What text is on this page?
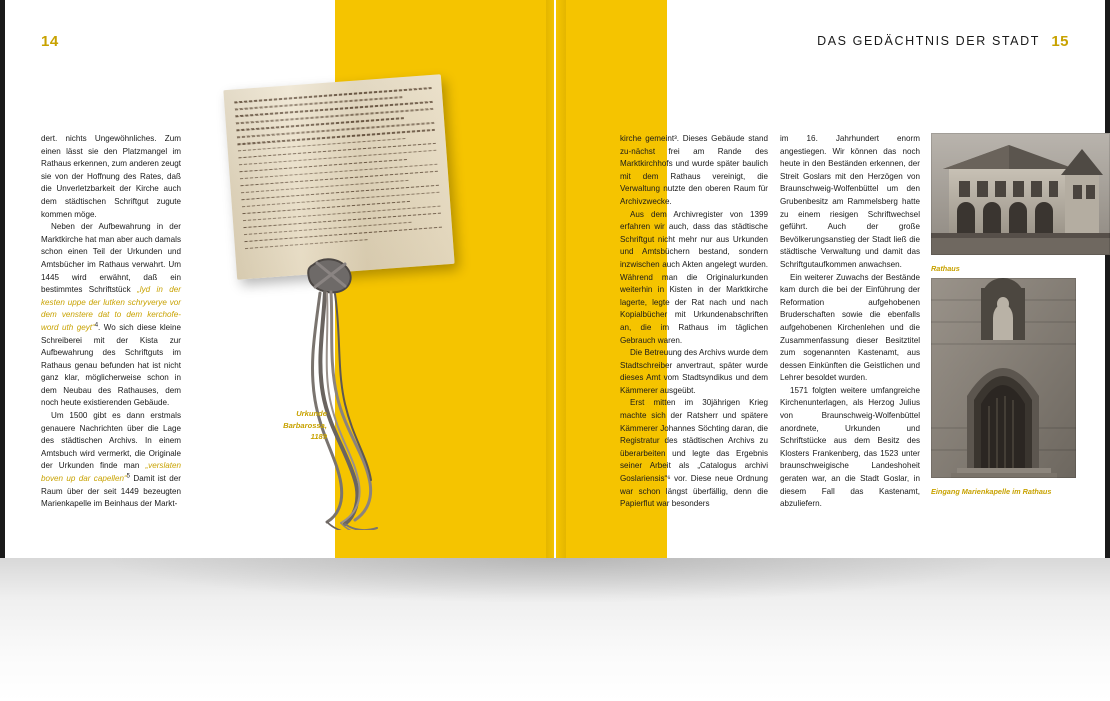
14

dert. nichts Ungewöhnliches. Zum einen lässt sie den Platzmangel im Rathaus erkennen, zum anderen zeugt sie von der Hoffnung des Rates, daß die Unverletzbarkeit der Kirche auch dem städtischen Schriftgut zugute kommen möge.

Neben der Aufbewahrung in der Marktkirche hat man aber auch damals schon einen Teil der Urkunden und Amtsbücher im Rathaus verwahrt. Um 1445 wird erwähnt, daß ein bestimmtes Schriftstück „lyd in der kesten uppe der lutken schryverye vor dem venstere dat to dem kerchofe- word uth geyt“$^4$. Wo sich diese kleine Schreiberei mit der Kista zur Aufbewahrung des Schriftguts im Rathaus genau befunden hat ist nicht ganz klar, möglicherweise schon in dem Neubau des Rathauses, dem noch heute existierenden Gebäude.

Um 1500 gibt es dann erstmals genauere Nachrichten über die Lage des städtischen Archivs. In einem Amtsbuch wird vermerkt, die Originale der Urkunden finde man „verslaten boven up dar capellen“$^5$ Damit ist der Raum über der seit 1449 bezeugten Marienkapelle im Beinhaus der Markt-

Urkunde Barbarossa, 1189
DAS GEDÄCHTNIS DER STADT 15

kirche gemeint³. Dieses Gebäude stand zu-nächst frei am Rande des Marktkirchhofs und wurde später baulich mit dem Rathaus vereinigt, die Verwaltung nutzte den oberen Raum für Archivzwecke.

Aus dem Archivregister von 1399 erfahren wir auch, dass das städtische Schriftgut nicht mehr nur aus Urkunden und Amtsbüchern bestand, sondern inzwischen auch Akten angelegt wurden. Während man die Originalurkunden weiterhin in Kisten in der Marktkirche lagerte, legte der Rat nach und nach Kopialbücher mit Urkundenabschriften an, die im Rathaus im täglichen Gebrauch waren.

Die Betreuung des Archivs wurde dem Stadtschreiber anvertraut, später wurde dieses Amt vom Stadtsyndikus und dem Kämmerer ausgeübt.

Erst mitten im 30jährigen Krieg machte sich der Ratsherr und spätere Kämmerer Johannes Söchting daran, die Registratur des städtischen Archivs zu überarbeiten und legte das Ergebnis seiner Arbeit als „Catalogus archivi Goslariensis“⁶ vor. Diese neue Ordnung war schon längst überfällig, denn die Papierflut war besonders

im 16. Jahrhundert enorm angestiegen. Wir können das noch heute in den Beständen erkennen, der Streit Goslars mit den Herzögen von Braunschweig-Wolfenbüttel um den Grubenbesitz am Rammelsberg hatte zu einem riesigen Schriftwechsel geführt. Auch der große Bevölkerungsanstieg der Stadt ließ die städtische Verwaltung und damit das Schriftgutaufkommen anwachsen.

Ein weiterer Zuwachs der Bestände kam durch die bei der Einführung der Reformation aufgehobenen Bruderschaften sowie die ebenfalls aufgehobenen Kirchenlehen und die Zusammenfassung dieser Besitztitel zum sogenannten Kastenamt, aus dessen Einkünften die Geistlichen und Lehrer besoldet wurden.

1571 folgten weitere umfangreiche Kirchenunterlagen, als Herzog Julius von Braunschweig-Wolfenbüttel anordnete, Urkunden und Schriftstücke aus dem Besitz des Klosters Frankenberg, das 1523 unter braunschweigische Landeshoheit geraten war, an die Stadt Goslar, in diesem Fall das Kastenamt, abzuliefern.

Rathaus
Eingang Marienkapelle im Rathaus
